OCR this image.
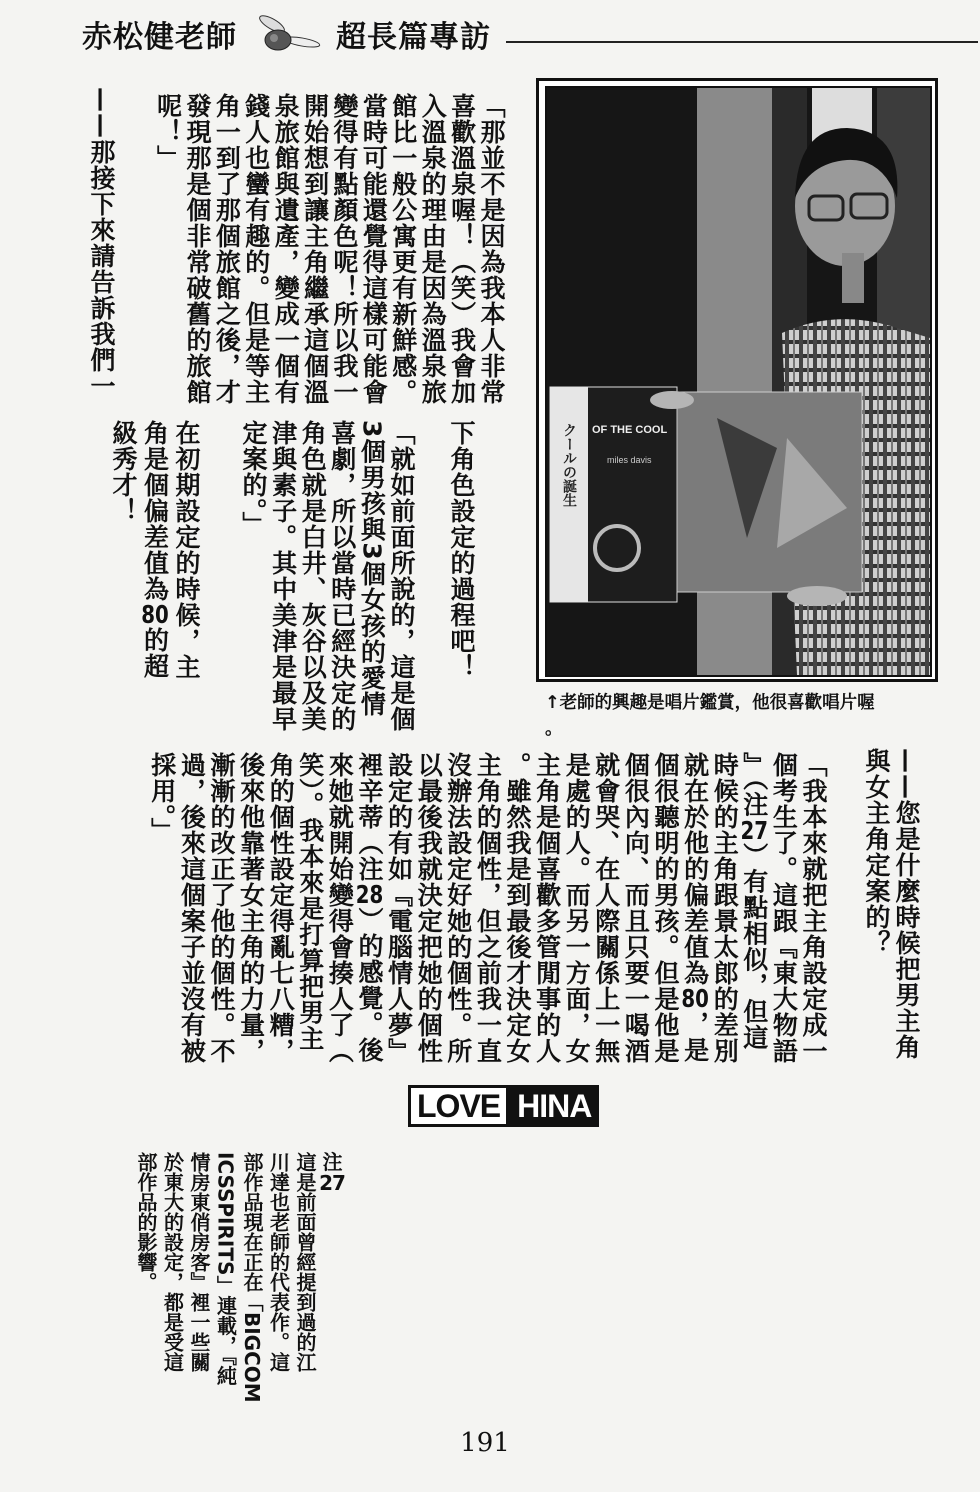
赤松健老師	超長篇專訪
OF THE COOL
miles davis
クールの誕生
↑老師的興趣是唱片鑑賞，他很喜歡唱片喔
。
「那並不是因為我本人非常
喜歡溫泉喔！（笑）我會加
入溫泉的理由是因為溫泉旅
館比一般公寓更有新鮮感。
當時可能還覺得這樣可能會
變得有點顏色呢！所以我一
開始想到讓主角繼承這個溫
泉旅館與遺產，變成一個有
錢人也蠻有趣的。但是等主
角一到了那個旅館之後，才
發現那是個非常破舊的旅館
呢！」
——那接下來請告訴我們一
下角色設定的過程吧！
「就如前面所說的，這是個
3個男孩與3個女孩的愛情
喜劇，所以當時已經決定的
角色就是白井、灰谷以及美
津與素子。其中美津是最早
定案的。」
在初期設定的時候，主
角是個偏差值為80的超
級秀才！
——您是什麼時候把男主角
與女主角定案的？
「我本來就把主角設定成一
個考生了。這跟『東大物語
』（注27）有點相似，但這
時候的主角跟景太郎的差別
就在於他的偏差值為80，是
個很聽明的男孩。但是他是
個很內向、而且只要一喝酒
就會哭、在人際關係上一無
是處的人。而另一方面，女
主角是個喜歡多管閒事的人
。雖然我是到最後才決定女
主角的個性，但之前我一直
沒辦法設定好她的個性。所
以最後我就決定把她的個性
設定的有如『電腦情人夢』
裡辛蒂（注28）的感覺。後
來她就開始變得會揍人了（
笑）。我本來是打算把男主
角的個性設定得亂七八糟，
後來他靠著女主角的力量，
漸漸的改正了他的個性。不
過，後來這個案子並沒有被
採用。」
LOVE HINA
注27
這是前面曾經提到過的江
川達也老師的代表作。這
部作品現在正在「BIGCOM
ICSSPIRITS」連載，『純
情房東俏房客』裡一些關
於東大的設定，都是受這
部作品的影響。
191
